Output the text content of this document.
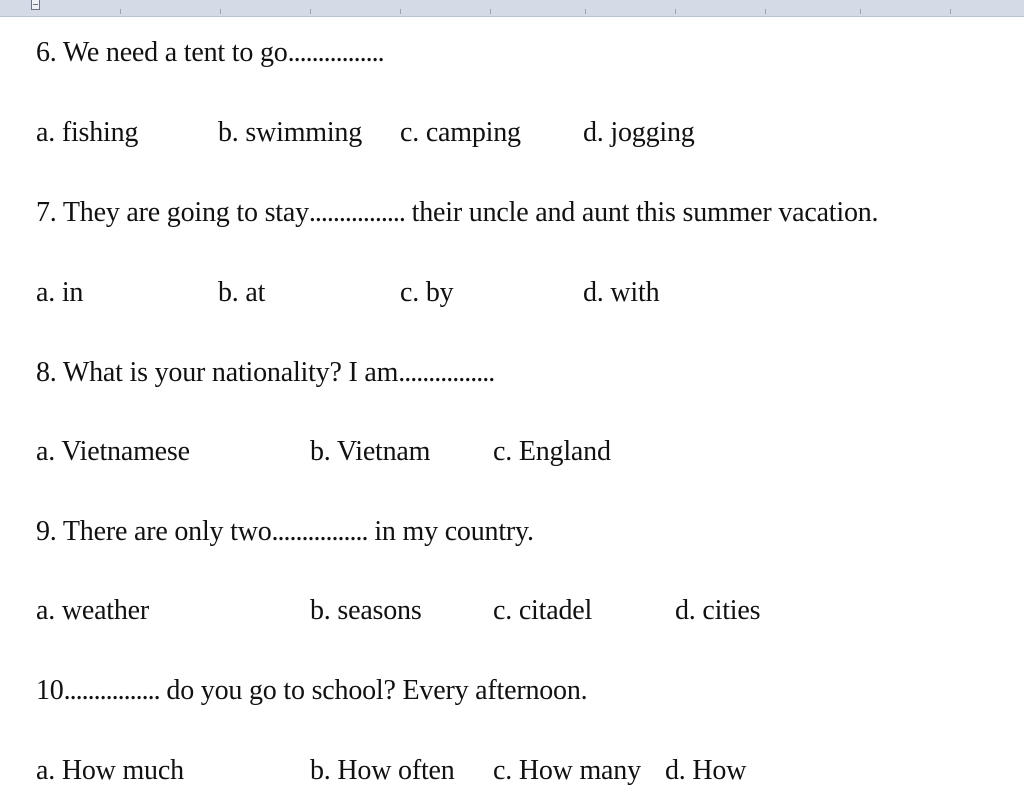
6. We need a tent to go................
a. fishing	b. swimming c. camping d. jogging
7. They are going to stay................ their uncle and aunt this summer vacation.
a. in	b. at	c. by	d. with
8. What is your nationality? I am................
a. Vietnamese	b. Vietnam c. England
9. There are only two................ in my country.
a. weather	b. seasons	c. citadel	d. cities
10................ do you go to school? Every afternoon.
a. How much	b. How often c. How many d. How
